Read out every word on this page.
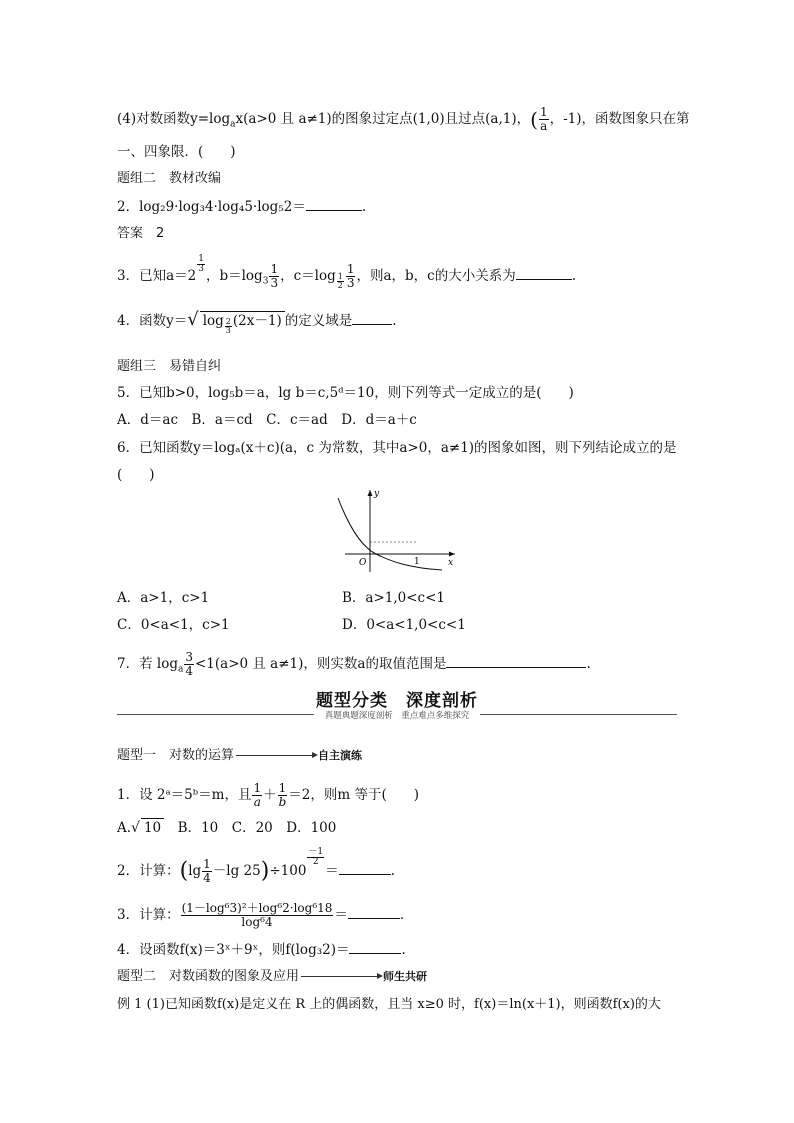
(4)对数函数$y=\log_ax(a>0$ 且 a≠1)的图象过定点(1,0)且过点(a,1)，( $\frac{1}{a}$ ，-1)，函数图象只在第
一、四象限．(　　)
题组二　教材改编
2．log₂9·log₃4·log₄5·log₅2＝	.
答案　2
3．已知a＝2
$\frac{1}{3}$
，$b=\log_3 \frac{1}{3}$ ，c＝log $_{\frac{1}{2}} \frac{1}{3}$ ，则a，b，c的大小关系为	.
4．函数y＝√ log $_{\frac{2}{3}}$ (2x－1) 的定义域是	.
题组三　易错自纠
5．已知b>0，log₅b＝a，lg b＝c,5ᵈ＝10，则下列等式一定成立的是(　　)
A．d＝ac　B．a＝cd　C．c＝ad　D．d＝a＋c
6．已知函数y＝logₐ(x＋c)(a，c 为常数，其中a>0，a≠1)的图象如图，则下列结论成立的是
(　　)
y
x
O	1
A．a>1，c>1	B．a>1,0<c<1
C．0<a<1，c>1	D．0<a<1,0<c<1
7．若 $\log_a \frac{3}{4} <1(a>0$ 且 a≠1)，则实数a的取值范围是	.
题型分类　深度剖析
真题典题深度剖析　重点难点多维探究
题型一　对数的运算	自主演练
1．设 2ᵃ＝5ᵇ＝m，且 $\frac{1}{a} + \frac{1}{b} =2$，则m 等于(　　)
A.√ 10　B．10　C．20　D．100
2．计算：($\lg \frac{1}{4} -\lg$ 25)÷100
$\frac{-1}{2}$
＝	.
3．计算： $\frac{\text{(1－log⁶3)²＋log⁶2·log⁶18}}{\text{log⁶4}}$ ＝	.
4．设函数f(x)＝3ˣ＋9ˣ，则f(log₃2)＝	.
题型二　对数函数的图象及应用	师生共研
例 1 (1)已知函数f(x)是定义在 R 上的偶函数，且当 x≥0 时，f(x)＝ln(x＋1)，则函数f(x)的大
